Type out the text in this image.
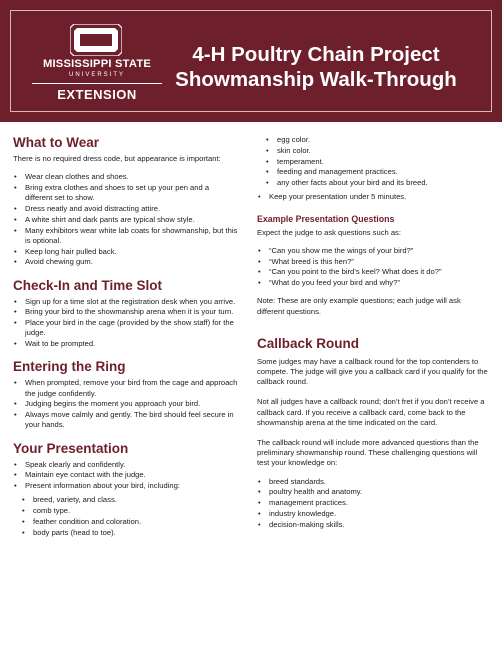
MISSISSIPPI STATE
UNIVERSITY
EXTENSION
4-H Poultry Chain Project
Showmanship Walk-Through
What to Wear

There is no required dress code, but appearance is important:

• Wear clean clothes and shoes.
• Bring extra clothes and shoes to set up your pen and a different set to show.
• Dress neatly and avoid distracting attire.
• A white shirt and dark pants are typical show style.
• Many exhibitors wear white lab coats for showmanship, but this is optional.
• Keep long hair pulled back.
• Avoid chewing gum.
Check-In and Time Slot
• Sign up for a time slot at the registration desk when you arrive.
• Bring your bird to the showmanship arena when it is your turn.
• Place your bird in the cage (provided by the show staff) for the judge.
• Wait to be prompted.
Entering the Ring
• When prompted, remove your bird from the cage and approach the judge confidently.
• Judging begins the moment you approach your bird.
• Always move calmly and gently. The bird should feel secure in your hands.
Your Presentation
• Speak clearly and confidently.
• Maintain eye contact with the judge.
• Present information about your bird, including:
• breed, variety, and class.
• comb type.
• feather condition and coloration.
• body parts (head to toe).
• egg color.
• skin color.
• temperament.
• feeding and management practices.
• any other facts about your bird and its breed.
• Keep your presentation under 5 minutes.
Example Presentation Questions

Expect the judge to ask questions such as:

• “Can you show me the wings of your bird?”
• “What breed is this hen?”
• “Can you point to the bird’s keel? What does it do?”
• “What do you feed your bird and why?”

Note: These are only example questions; each judge will ask different questions.

Callback Round

Some judges may have a callback round for the top contenders to compete. The judge will give you a callback card if you qualify for the callback round.

Not all judges have a callback round; don’t fret if you don’t receive a callback card. If you receive a callback card, come back to the showmanship arena at the time indicated on the card.

The callback round will include more advanced questions than the preliminary showmanship round. These challenging questions will test your knowledge on:

• breed standards.
• poultry health and anatomy.
• management practices.
• industry knowledge.
• decision-making skills.
